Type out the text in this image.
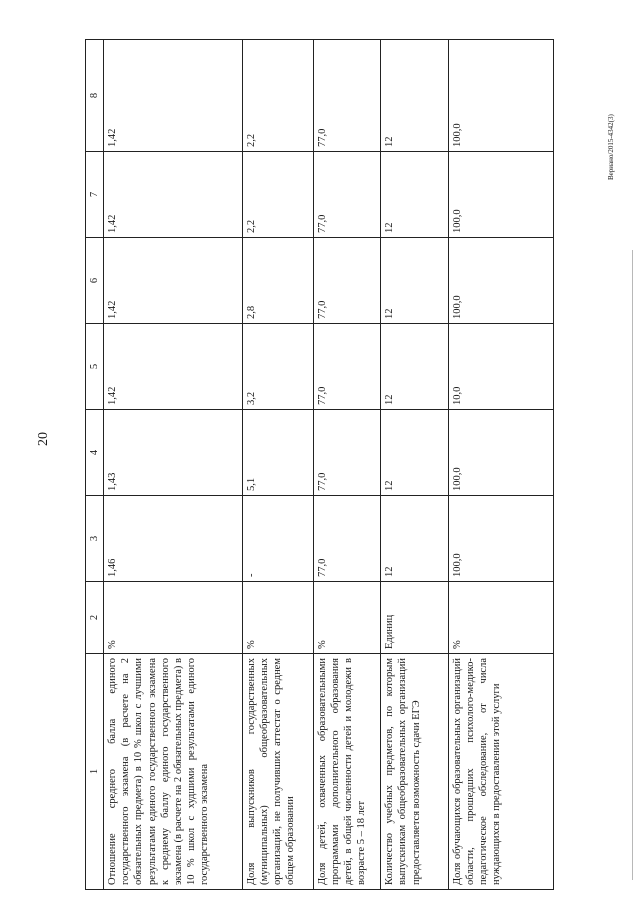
20
Вериано/2015-4342(3)
1	2	3	4	5	6	7	8
Отношение среднего балла единого государственного экзамена (в расчете на 2 обязательных предмета) в 10 % школ с лучшими результатами единого государственного экзамена к среднему баллу единого государственного экзамена (в расчете на 2 обязательных предмета) в 10 % школ с худшими результатами единого государственного экзамена	%	1,46	1,43	1,42	1,42	1,42	1,42
Доля выпускников государственных (муниципальных) общеобразовательных организаций, не получивших аттестат о среднем общем образовании	%	-	5,1	3,2	2,8	2,2	2,2
Доля детей, охваченных образовательными программами дополнительного образования детей, в общей численности детей и молодежи в возрасте 5 – 18 лет	%	77,0	77,0	77,0	77,0	77,0	77,0
Количество учебных предметов, по которым выпускникам общеобразовательных организаций предоставляется возможность сдачи ЕГЭ	Единиц	12	12	12	12	12	12
Доля обучающихся образовательных организаций области, прошедших психолого-медико-педагогическое обследование, от числа нуждающихся в предоставлении этой услуги	%	100,0	100,0	10,0	100,0	100,0	100,0
